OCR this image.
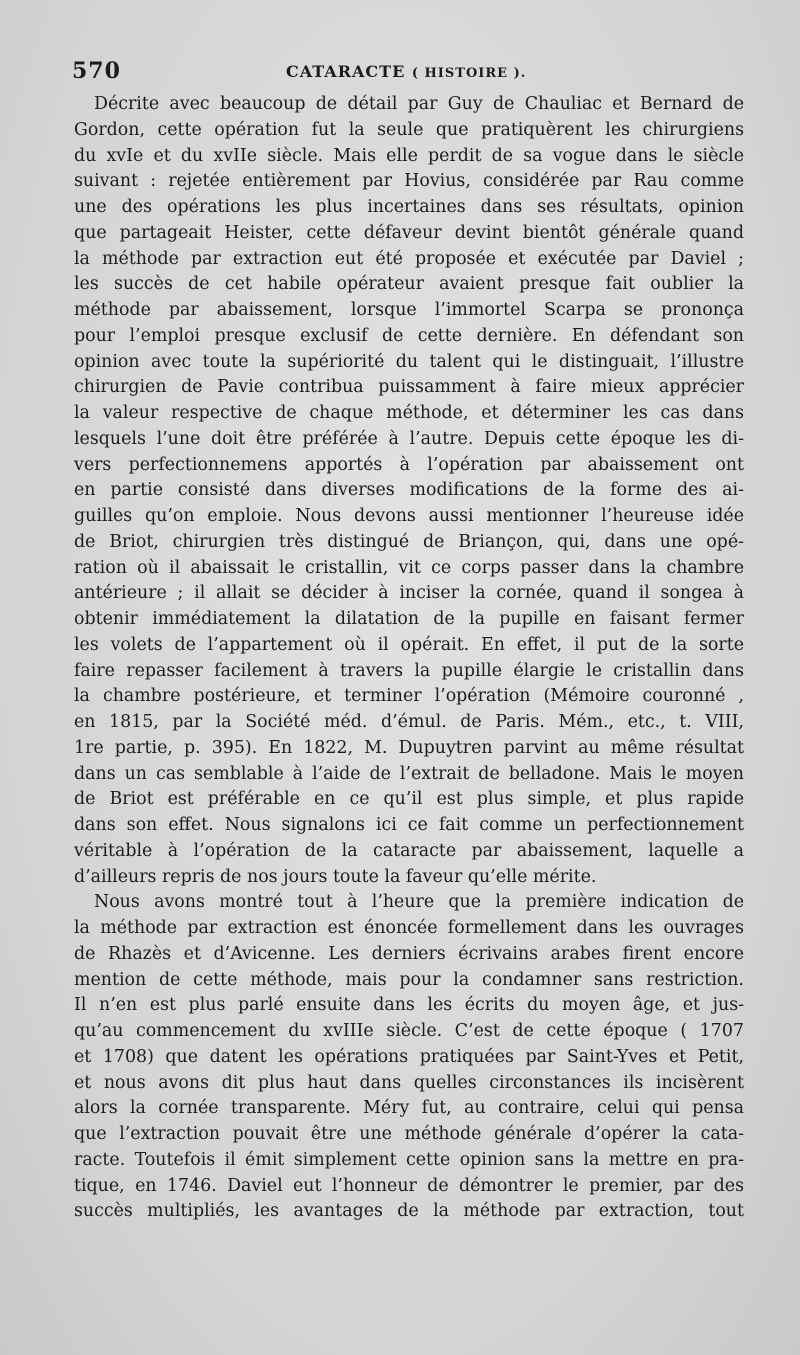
570	CATARACTE ( HISTOIRE ).
Décrite avec beaucoup de détail par Guy de Chauliac et Bernard de
Gordon, cette opération fut la seule que pratiquèrent les chirurgiens
du xvIe et du xvIIe siècle. Mais elle perdit de sa vogue dans le siècle
suivant : rejetée entièrement par Hovius, considérée par Rau comme
une des opérations les plus incertaines dans ses résultats, opinion
que partageait Heister, cette défaveur devint bientôt générale quand
la méthode par extraction eut été proposée et exécutée par Daviel ;
les succès de cet habile opérateur avaient presque fait oublier la
méthode par abaissement, lorsque l’immortel Scarpa se prononça
pour l’emploi presque exclusif de cette dernière. En défendant son
opinion avec toute la supériorité du talent qui le distinguait, l’illustre
chirurgien de Pavie contribua puissamment à faire mieux apprécier
la valeur respective de chaque méthode, et déterminer les cas dans
lesquels l’une doit être préférée à l’autre. Depuis cette époque les di-
vers perfectionnemens apportés à l’opération par abaissement ont
en partie consisté dans diverses modifications de la forme des ai-
guilles qu’on emploie. Nous devons aussi mentionner l’heureuse idée
de Briot, chirurgien très distingué de Briançon, qui, dans une opé-
ration où il abaissait le cristallin, vit ce corps passer dans la chambre
antérieure ; il allait se décider à inciser la cornée, quand il songea à
obtenir immédiatement la dilatation de la pupille en faisant fermer
les volets de l’appartement où il opérait. En effet, il put de la sorte
faire repasser facilement à travers la pupille élargie le cristallin dans
la chambre postérieure, et terminer l’opération (Mémoire couronné ,
en 1815, par la Société méd. d’émul. de Paris. Mém., etc., t. VIII,
1re partie, p. 395). En 1822, M. Dupuytren parvint au même résultat
dans un cas semblable à l’aide de l’extrait de belladone. Mais le moyen
de Briot est préférable en ce qu’il est plus simple, et plus rapide
dans son effet. Nous signalons ici ce fait comme un perfectionnement
véritable à l’opération de la cataracte par abaissement, laquelle a
d’ailleurs repris de nos jours toute la faveur qu’elle mérite.
Nous avons montré tout à l’heure que la première indication de
la méthode par extraction est énoncée formellement dans les ouvrages
de Rhazès et d’Avicenne. Les derniers écrivains arabes firent encore
mention de cette méthode, mais pour la condamner sans restriction.
Il n’en est plus parlé ensuite dans les écrits du moyen âge, et jus-
qu’au commencement du xvIIIe siècle. C’est de cette époque ( 1707
et 1708) que datent les opérations pratiquées par Saint-Yves et Petit,
et nous avons dit plus haut dans quelles circonstances ils incisèrent
alors la cornée transparente. Méry fut, au contraire, celui qui pensa
que l’extraction pouvait être une méthode générale d’opérer la cata-
racte. Toutefois il émit simplement cette opinion sans la mettre en pra-
tique, en 1746. Daviel eut l’honneur de démontrer le premier, par des
succès multipliés, les avantages de la méthode par extraction, tout
